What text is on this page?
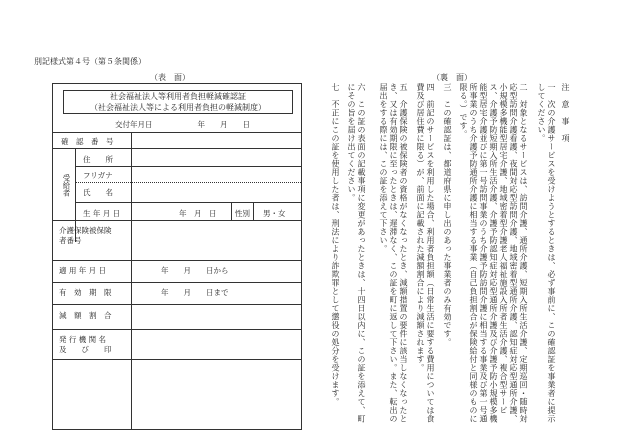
別記様式第４号（第５条関係）
（表　面）	（裏　面）
社会福祉法人等利用者負担軽減確認証
（社会福祉法人等による利用者負担の軽減制度）
交付年月日　　　　　　年　　月　　日
確　認　番　号
受給者
住　　所
フリガナ
氏　　名
生 年 月 日	年　月　日 性別 男・女
介護保険被保険
者番号
適 用 年 月 日	年　　月　　日から
有　効　期　限	年　　月　　日まで
減　額　割　合
発 行 機 関 名
及　　び　　印
注　意　事　項
一　次の介護サービスを受けようとするときは、必ず事前に、この確認証を事業者に提示してください。
二　対象となるサービスは、訪問介護、通所介護、短期入所生活介護、定期巡回・随時対応型訪問介護看護、夜間対応型訪問介護、地域密着型通所介護、認知症対応型通所介護、小規模多機能型居宅介護、地域密着型介護老人福祉施設入所者生活介護、複合型サービス、介護予防短期入所生活介護、介護予防認知症対応型通所介護及び介護予防小規模多機能型居宅介護並びに第一号訪問事業のうち介護予防訪問介護に相当する事業及び第一号通所事業のうち介護予防通所介護に相当する事業（自己負担割合が保険給付と同様のものに限る。）です。
三　この確認証は、都道府県に申し出のあった事業者のみ有効です。
四　前記のサービスを利用した場合、利用者負担額（日常生活に要する費用については食費及び居住費に限る）が、前面に記載された減額割合により減額されます。
五　介護保険の被保険者の資格がなくなったとき、減額措置の要件に該当しなくなったとき、又は有効期限に至ったときは、遅滞なく、この証を町に返して下さい。また、転出の届出をする際には、この証を添えて下さい。
六　この証の表面の記載事項に変更があったときは、十四日以内に、この証を添えて、町にその旨を届け出てください。
七　不正にこの証を使用した者は、刑法により詐欺罪として懲役の処分を受けます。
